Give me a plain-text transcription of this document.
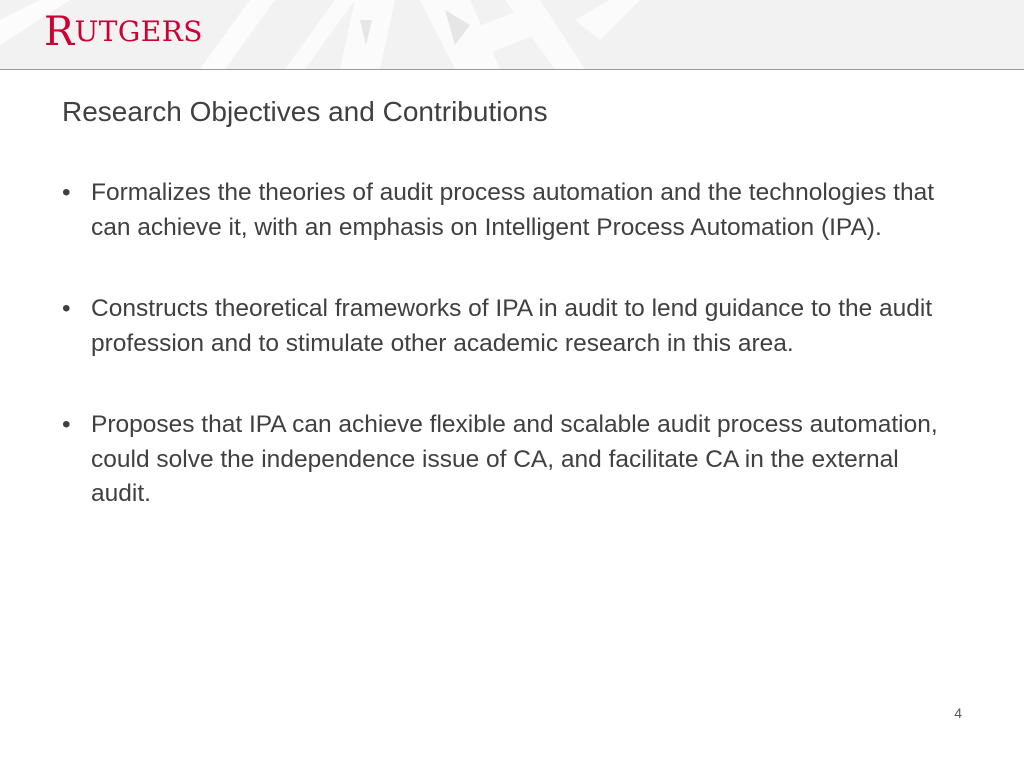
RUTGERS
Research Objectives and Contributions
• Formalizes the theories of audit process automation and the technologies that can achieve it, with an emphasis on Intelligent Process Automation (IPA).
• Constructs theoretical frameworks of IPA in audit to lend guidance to the audit profession and to stimulate other academic research in this area.
• Proposes that IPA can achieve flexible and scalable audit process automation, could solve the independence issue of CA, and facilitate CA in the external audit.
4
